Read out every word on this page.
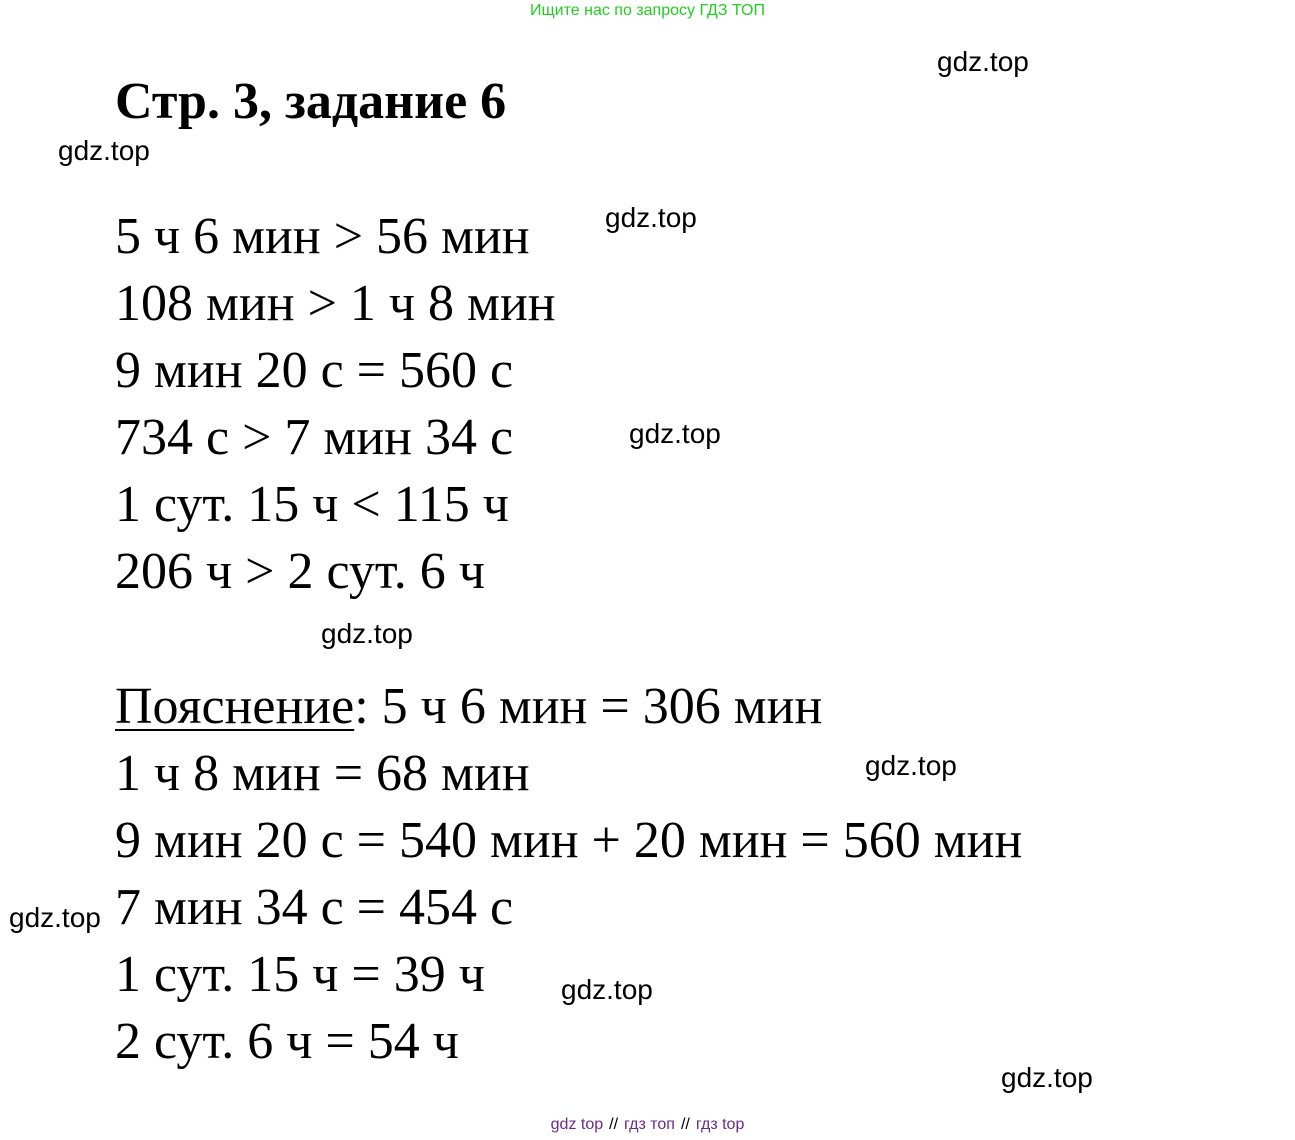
Ищите нас по запросу ГДЗ ТОП
Стр. 3, задание 6
5 ч 6 мин > 56 мин
108 мин > 1 ч 8 мин
9 мин 20 с = 560 с
734 с > 7 мин 34 с
1 сут. 15 ч < 115 ч
206 ч > 2 сут. 6 ч
Пояснение: 5 ч 6 мин = 306 мин
1 ч 8 мин = 68 мин
9 мин 20 с = 540 мин + 20 мин = 560 мин
7 мин 34 с = 454 с
1 сут. 15 ч = 39 ч
2 сут. 6 ч = 54 ч
gdz.top
gdz.top
gdz.top
gdz.top
gdz.top
gdz.top
gdz.top
gdz.top
gdz.top
gdz top // гдз топ // гдз top
